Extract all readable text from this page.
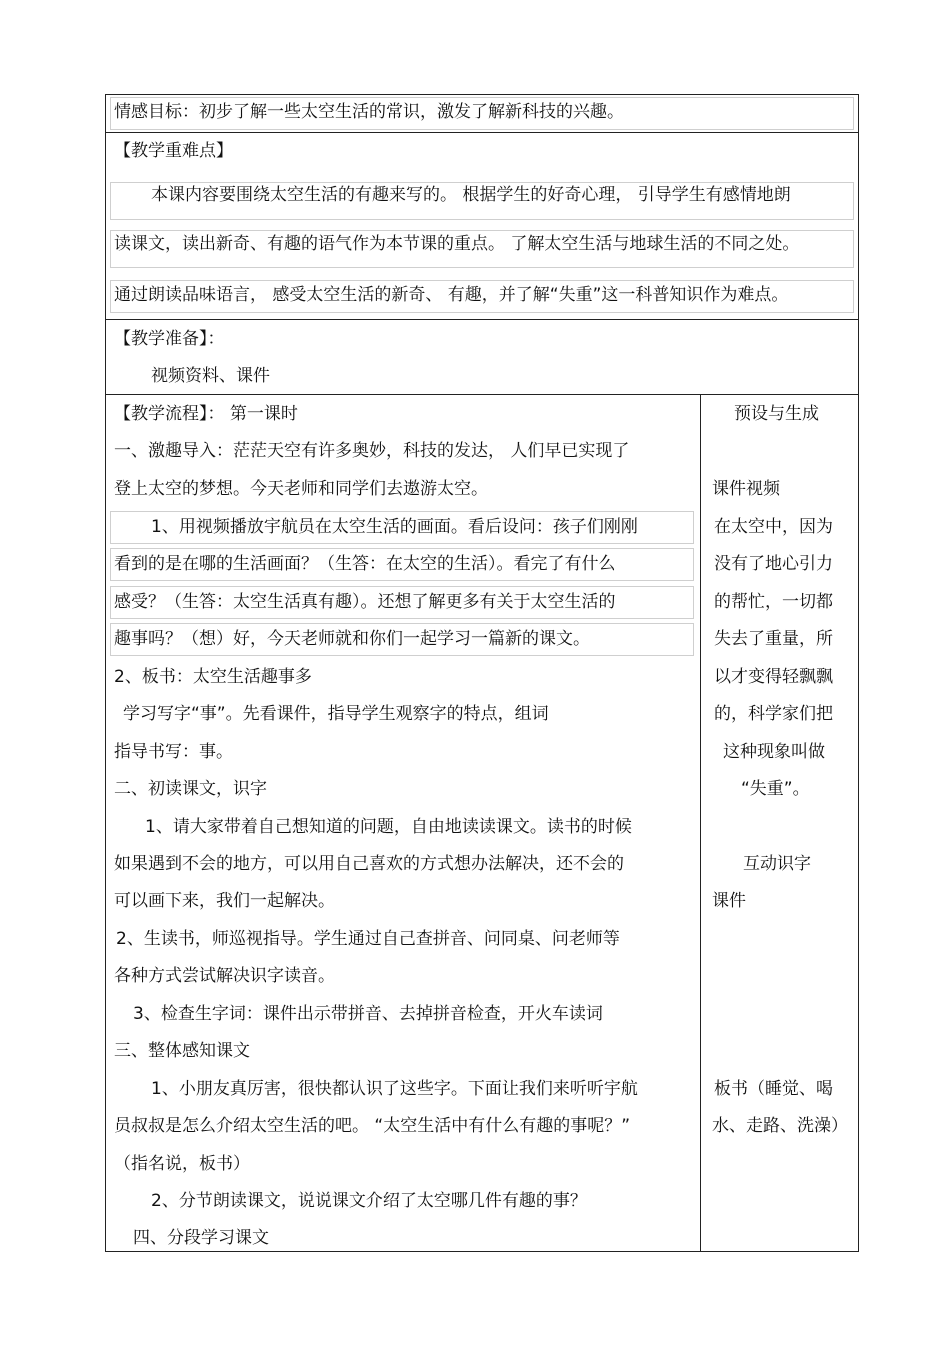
情感目标：初步了解一些太空生活的常识，激发了解新科技的兴趣。
【教学重难点】
本课内容要围绕太空生活的有趣来写的。 根据学生的好奇心理， 引导学生有感情地朗
读课文，读出新奇、有趣的语气作为本节课的重点。 了解太空生活与地球生活的不同之处。
通过朗读品味语言， 感受太空生活的新奇、 有趣，并了解“失重”这一科普知识作为难点。
【教学准备】：
视频资料、课件
【教学流程】： 第一课时
一、激趣导入：茫茫天空有许多奥妙，科技的发达， 人们早已实现了
登上太空的梦想。今天老师和同学们去遨游太空。
1、用视频播放宇航员在太空生活的画面。看后设问：孩子们刚刚
看到的是在哪的生活画面？（生答：在太空的生活）。看完了有什么
感受？（生答：太空生活真有趣）。还想了解更多有关于太空生活的
趣事吗？（想）好，今天老师就和你们一起学习一篇新的课文。
2、板书：太空生活趣事多
学习写字“事”。先看课件，指导学生观察字的特点，组词
指导书写：事。
二、初读课文，识字
1、请大家带着自己想知道的问题，自由地读读课文。读书的时候
如果遇到不会的地方，可以用自己喜欢的方式想办法解决，还不会的
可以画下来，我们一起解决。
2、生读书，师巡视指导。学生通过自己查拼音、问同桌、问老师等
各种方式尝试解决识字读音。
3、检查生字词：课件出示带拼音、去掉拼音检查，开火车读词
三、整体感知课文
1、小朋友真厉害，很快都认识了这些字。下面让我们来听听宇航
员叔叔是怎么介绍太空生活的吧。 “太空生活中有什么有趣的事呢？”
（指名说，板书）
2、分节朗读课文，说说课文介绍了太空哪几件有趣的事？
四、分段学习课文
预设与生成
课件视频
在太空中，因为
没有了地心引力
的帮忙，一切都
失去了重量，所
以才变得轻飘飘
的，科学家们把
这种现象叫做
“失重”。
互动识字
课件
板书（睡觉、喝
水、走路、洗澡）
